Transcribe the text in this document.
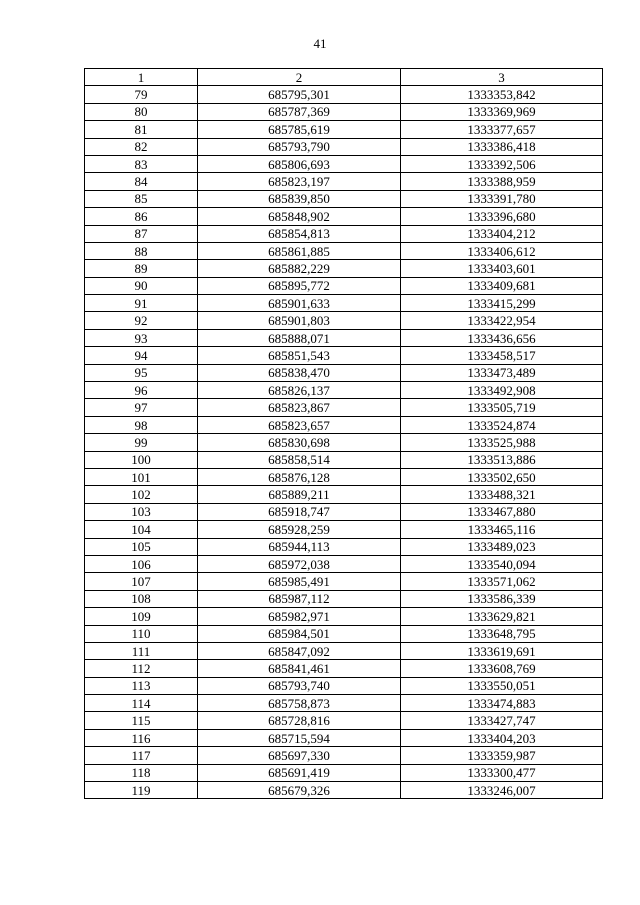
41
1	2	3
79	685795,301	1333353,842
80	685787,369	1333369,969
81	685785,619	1333377,657
82	685793,790	1333386,418
83	685806,693	1333392,506
84	685823,197	1333388,959
85	685839,850	1333391,780
86	685848,902	1333396,680
87	685854,813	1333404,212
88	685861,885	1333406,612
89	685882,229	1333403,601
90	685895,772	1333409,681
91	685901,633	1333415,299
92	685901,803	1333422,954
93	685888,071	1333436,656
94	685851,543	1333458,517
95	685838,470	1333473,489
96	685826,137	1333492,908
97	685823,867	1333505,719
98	685823,657	1333524,874
99	685830,698	1333525,988
100	685858,514	1333513,886
101	685876,128	1333502,650
102	685889,211	1333488,321
103	685918,747	1333467,880
104	685928,259	1333465,116
105	685944,113	1333489,023
106	685972,038	1333540,094
107	685985,491	1333571,062
108	685987,112	1333586,339
109	685982,971	1333629,821
110	685984,501	1333648,795
111	685847,092	1333619,691
112	685841,461	1333608,769
113	685793,740	1333550,051
114	685758,873	1333474,883
115	685728,816	1333427,747
116	685715,594	1333404,203
117	685697,330	1333359,987
118	685691,419	1333300,477
119	685679,326	1333246,007
